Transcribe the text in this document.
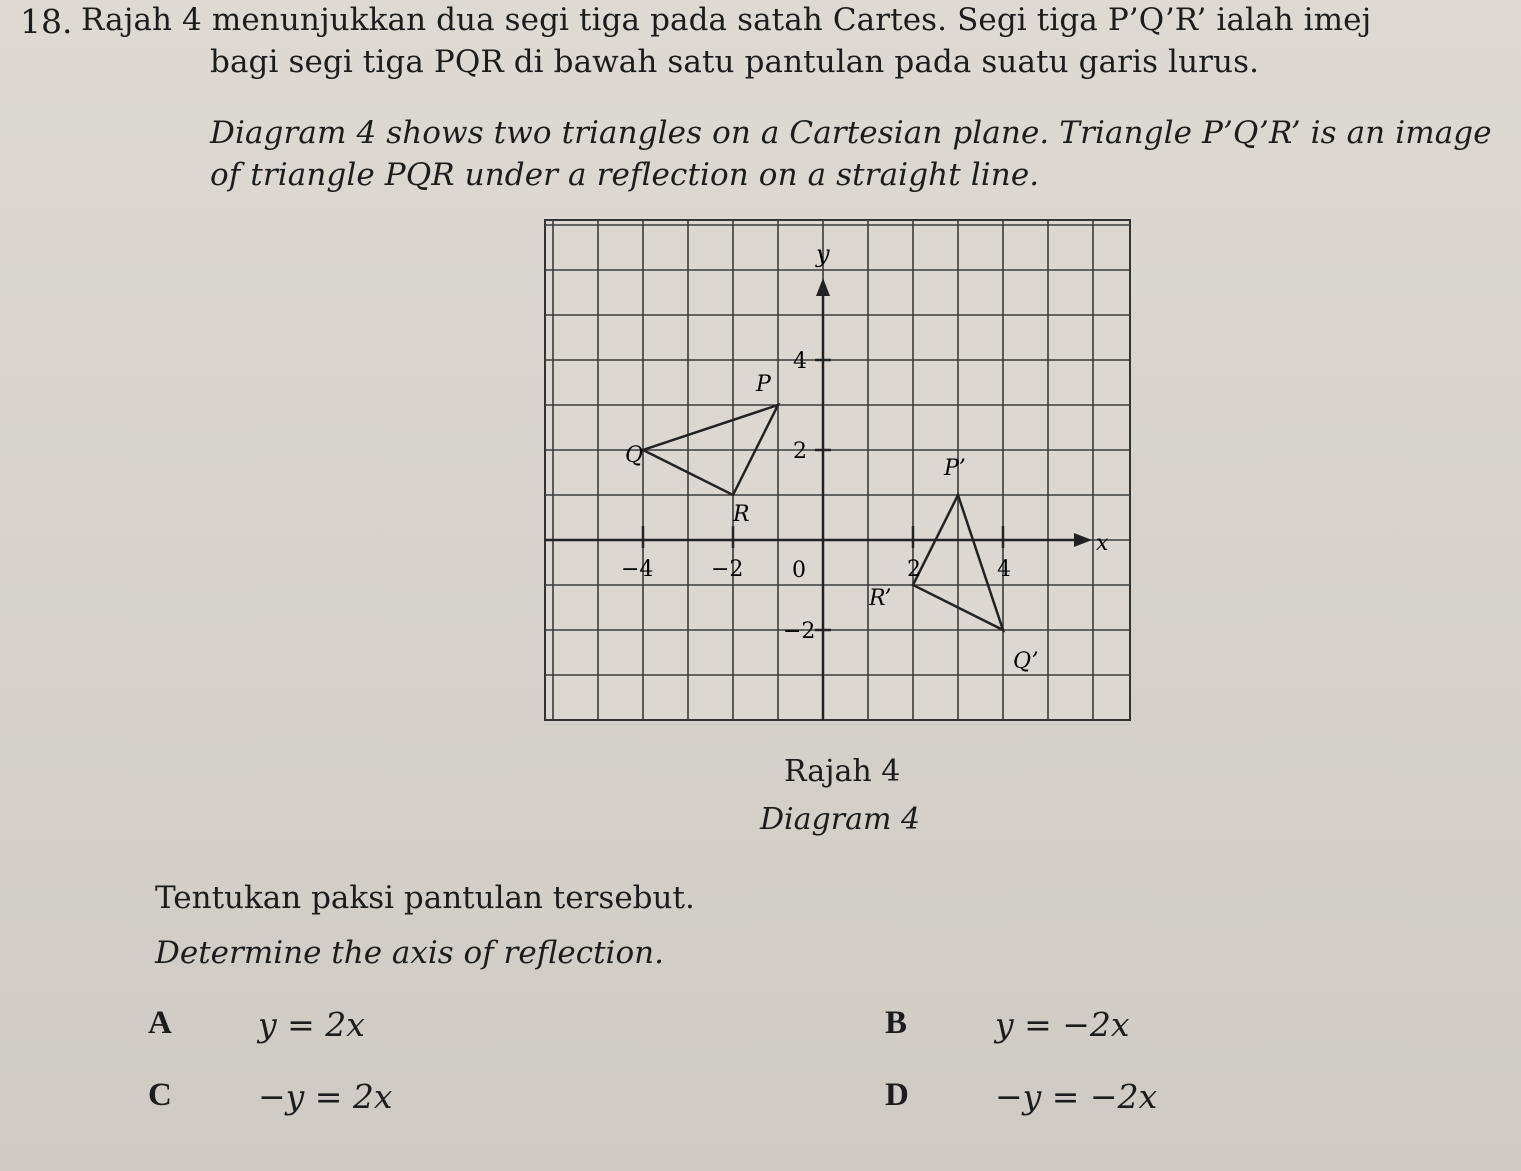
18. Rajah 4 menunjukkan dua segi tiga pada satah Cartes. Segi tiga P’Q’R’ ialah imej
bagi segi tiga PQR di bawah satu pantulan pada suatu garis lurus.
Diagram 4 shows two triangles on a Cartesian plane. Triangle P’Q’R’ is an image
of triangle PQR under a reflection on a straight line.
x
y
0
P
Q
R
P’
Q’
R’
−4	−2	2	4
4
2
−2
Rajah 4
Diagram 4
Tentukan paksi pantulan tersebut.
Determine the axis of reflection.
A	y = 2x	B	y = −2x
C	−y = 2x	D	−y = −2x
